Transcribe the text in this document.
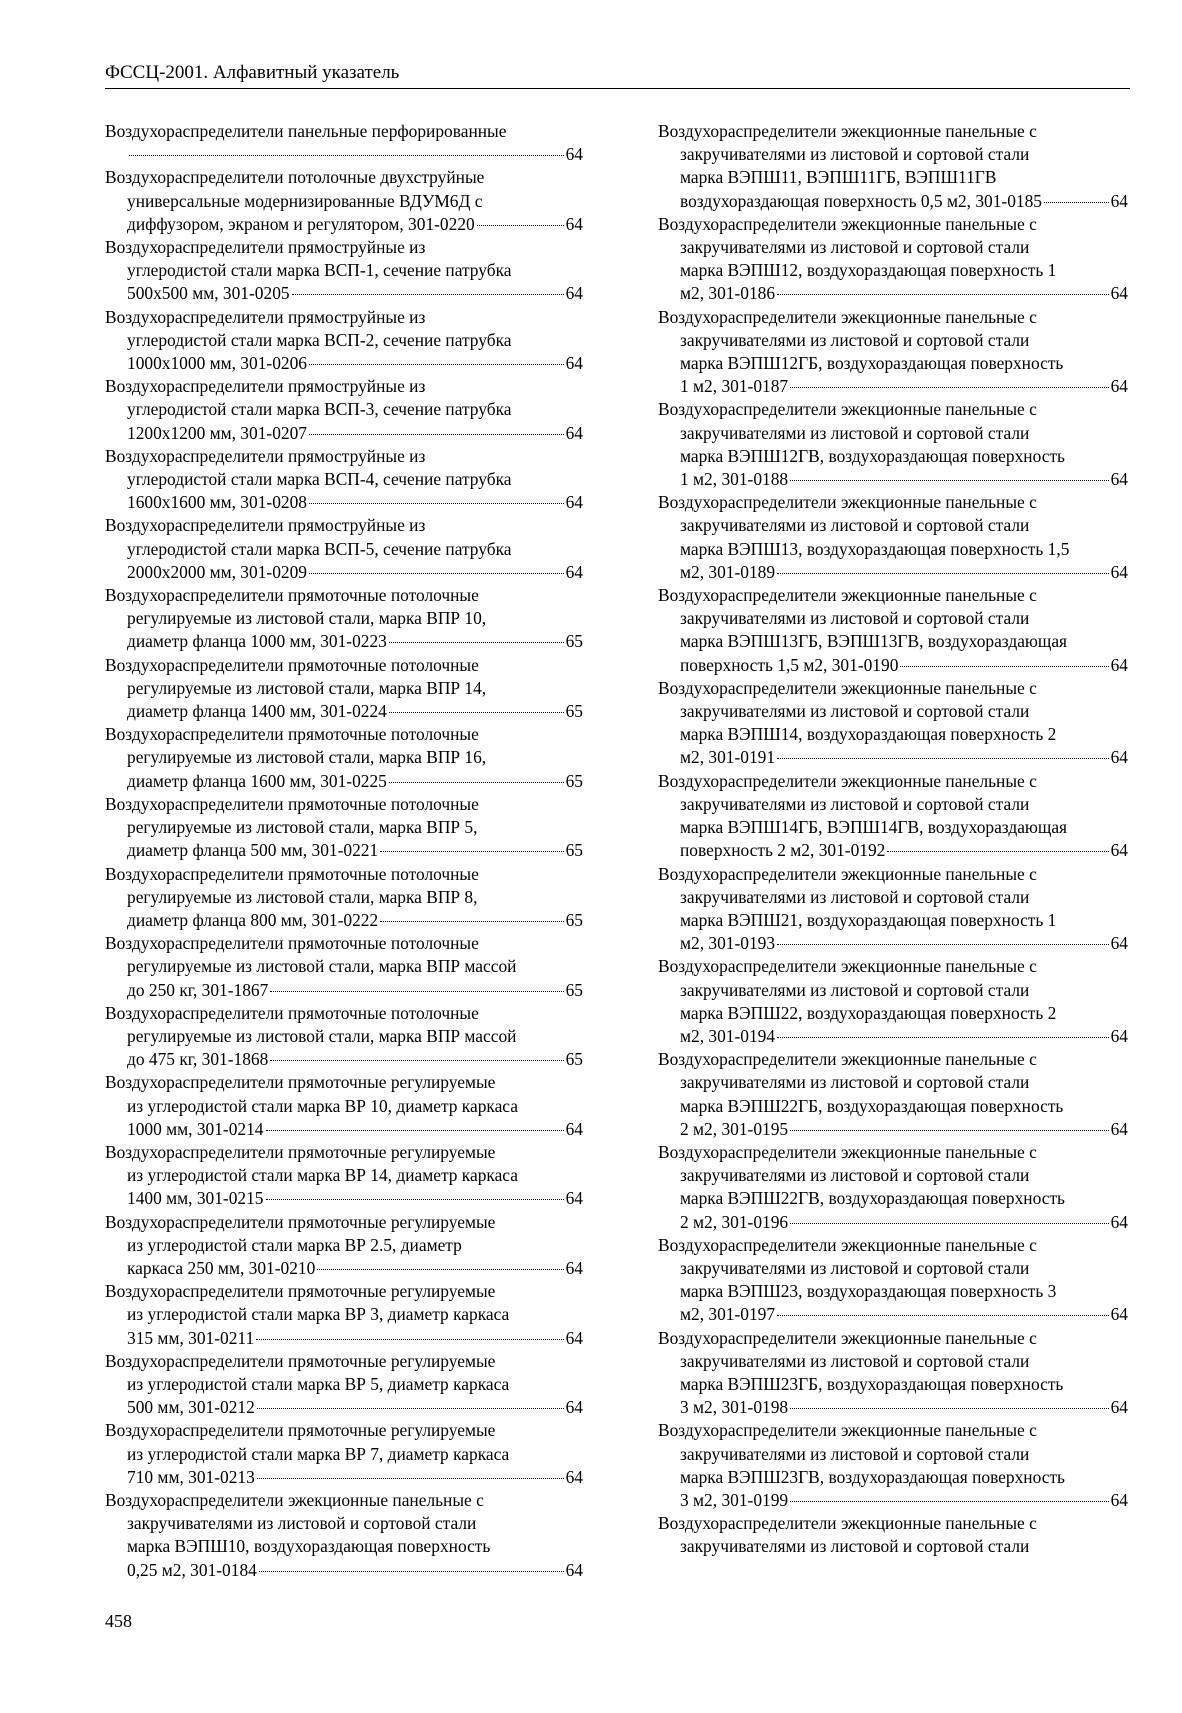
ФССЦ-2001. Алфавитный указатель
Воздухораспределители панельные перфорированные
64
Воздухораспределители потолочные двухструйные
универсальные модернизированные ВДУМ6Д с
диффузором, экраном и регулятором, 301-0220	64
Воздухораспределители прямоструйные из
углеродистой стали марка ВСП-1, сечение патрубка
500х500 мм, 301-0205	64
Воздухораспределители прямоструйные из
углеродистой стали марка ВСП-2, сечение патрубка
1000х1000 мм, 301-0206	64
Воздухораспределители прямоструйные из
углеродистой стали марка ВСП-3, сечение патрубка
1200х1200 мм, 301-0207	64
Воздухораспределители прямоструйные из
углеродистой стали марка ВСП-4, сечение патрубка
1600х1600 мм, 301-0208	64
Воздухораспределители прямоструйные из
углеродистой стали марка ВСП-5, сечение патрубка
2000х2000 мм, 301-0209	64
Воздухораспределители прямоточные потолочные
регулируемые из листовой стали, марка ВПР 10,
диаметр фланца 1000 мм, 301-0223	65
Воздухораспределители прямоточные потолочные
регулируемые из листовой стали, марка ВПР 14,
диаметр фланца 1400 мм, 301-0224	65
Воздухораспределители прямоточные потолочные
регулируемые из листовой стали, марка ВПР 16,
диаметр фланца 1600 мм, 301-0225	65
Воздухораспределители прямоточные потолочные
регулируемые из листовой стали, марка ВПР 5,
диаметр фланца 500 мм, 301-0221	65
Воздухораспределители прямоточные потолочные
регулируемые из листовой стали, марка ВПР 8,
диаметр фланца 800 мм, 301-0222	65
Воздухораспределители прямоточные потолочные
регулируемые из листовой стали, марка ВПР массой
до 250 кг, 301-1867	65
Воздухораспределители прямоточные потолочные
регулируемые из листовой стали, марка ВПР массой
до 475 кг, 301-1868	65
Воздухораспределители прямоточные регулируемые
из углеродистой стали марка ВР 10, диаметр каркаса
1000 мм, 301-0214	64
Воздухораспределители прямоточные регулируемые
из углеродистой стали марка ВР 14, диаметр каркаса
1400 мм, 301-0215	64
Воздухораспределители прямоточные регулируемые
из углеродистой стали марка ВР 2.5, диаметр
каркаса 250 мм, 301-0210	64
Воздухораспределители прямоточные регулируемые
из углеродистой стали марка ВР 3, диаметр каркаса
315 мм, 301-0211	64
Воздухораспределители прямоточные регулируемые
из углеродистой стали марка ВР 5, диаметр каркаса
500 мм, 301-0212	64
Воздухораспределители прямоточные регулируемые
из углеродистой стали марка ВР 7, диаметр каркаса
710 мм, 301-0213	64
Воздухораспределители эжекционные панельные с
закручивателями из листовой и сортовой стали
марка ВЭПШ10, воздухораздающая поверхность
0,25 м2, 301-0184	64
Воздухораспределители эжекционные панельные с
закручивателями из листовой и сортовой стали
марка ВЭПШ11, ВЭПШ11ГБ, ВЭПШ11ГВ
воздухораздающая поверхность 0,5 м2, 301-0185	64
Воздухораспределители эжекционные панельные с
закручивателями из листовой и сортовой стали
марка ВЭПШ12, воздухораздающая поверхность 1
м2, 301-0186	64
Воздухораспределители эжекционные панельные с
закручивателями из листовой и сортовой стали
марка ВЭПШ12ГБ, воздухораздающая поверхность
1 м2, 301-0187	64
Воздухораспределители эжекционные панельные с
закручивателями из листовой и сортовой стали
марка ВЭПШ12ГВ, воздухораздающая поверхность
1 м2, 301-0188	64
Воздухораспределители эжекционные панельные с
закручивателями из листовой и сортовой стали
марка ВЭПШ13, воздухораздающая поверхность 1,5
м2, 301-0189	64
Воздухораспределители эжекционные панельные с
закручивателями из листовой и сортовой стали
марка ВЭПШ13ГБ, ВЭПШ13ГВ, воздухораздающая
поверхность 1,5 м2, 301-0190	64
Воздухораспределители эжекционные панельные с
закручивателями из листовой и сортовой стали
марка ВЭПШ14, воздухораздающая поверхность 2
м2, 301-0191	64
Воздухораспределители эжекционные панельные с
закручивателями из листовой и сортовой стали
марка ВЭПШ14ГБ, ВЭПШ14ГВ, воздухораздающая
поверхность 2 м2, 301-0192	64
Воздухораспределители эжекционные панельные с
закручивателями из листовой и сортовой стали
марка ВЭПШ21, воздухораздающая поверхность 1
м2, 301-0193	64
Воздухораспределители эжекционные панельные с
закручивателями из листовой и сортовой стали
марка ВЭПШ22, воздухораздающая поверхность 2
м2, 301-0194	64
Воздухораспределители эжекционные панельные с
закручивателями из листовой и сортовой стали
марка ВЭПШ22ГБ, воздухораздающая поверхность
2 м2, 301-0195	64
Воздухораспределители эжекционные панельные с
закручивателями из листовой и сортовой стали
марка ВЭПШ22ГВ, воздухораздающая поверхность
2 м2, 301-0196	64
Воздухораспределители эжекционные панельные с
закручивателями из листовой и сортовой стали
марка ВЭПШ23, воздухораздающая поверхность 3
м2, 301-0197	64
Воздухораспределители эжекционные панельные с
закручивателями из листовой и сортовой стали
марка ВЭПШ23ГБ, воздухораздающая поверхность
3 м2, 301-0198	64
Воздухораспределители эжекционные панельные с
закручивателями из листовой и сортовой стали
марка ВЭПШ23ГВ, воздухораздающая поверхность
3 м2, 301-0199	64
Воздухораспределители эжекционные панельные с
закручивателями из листовой и сортовой стали
458
